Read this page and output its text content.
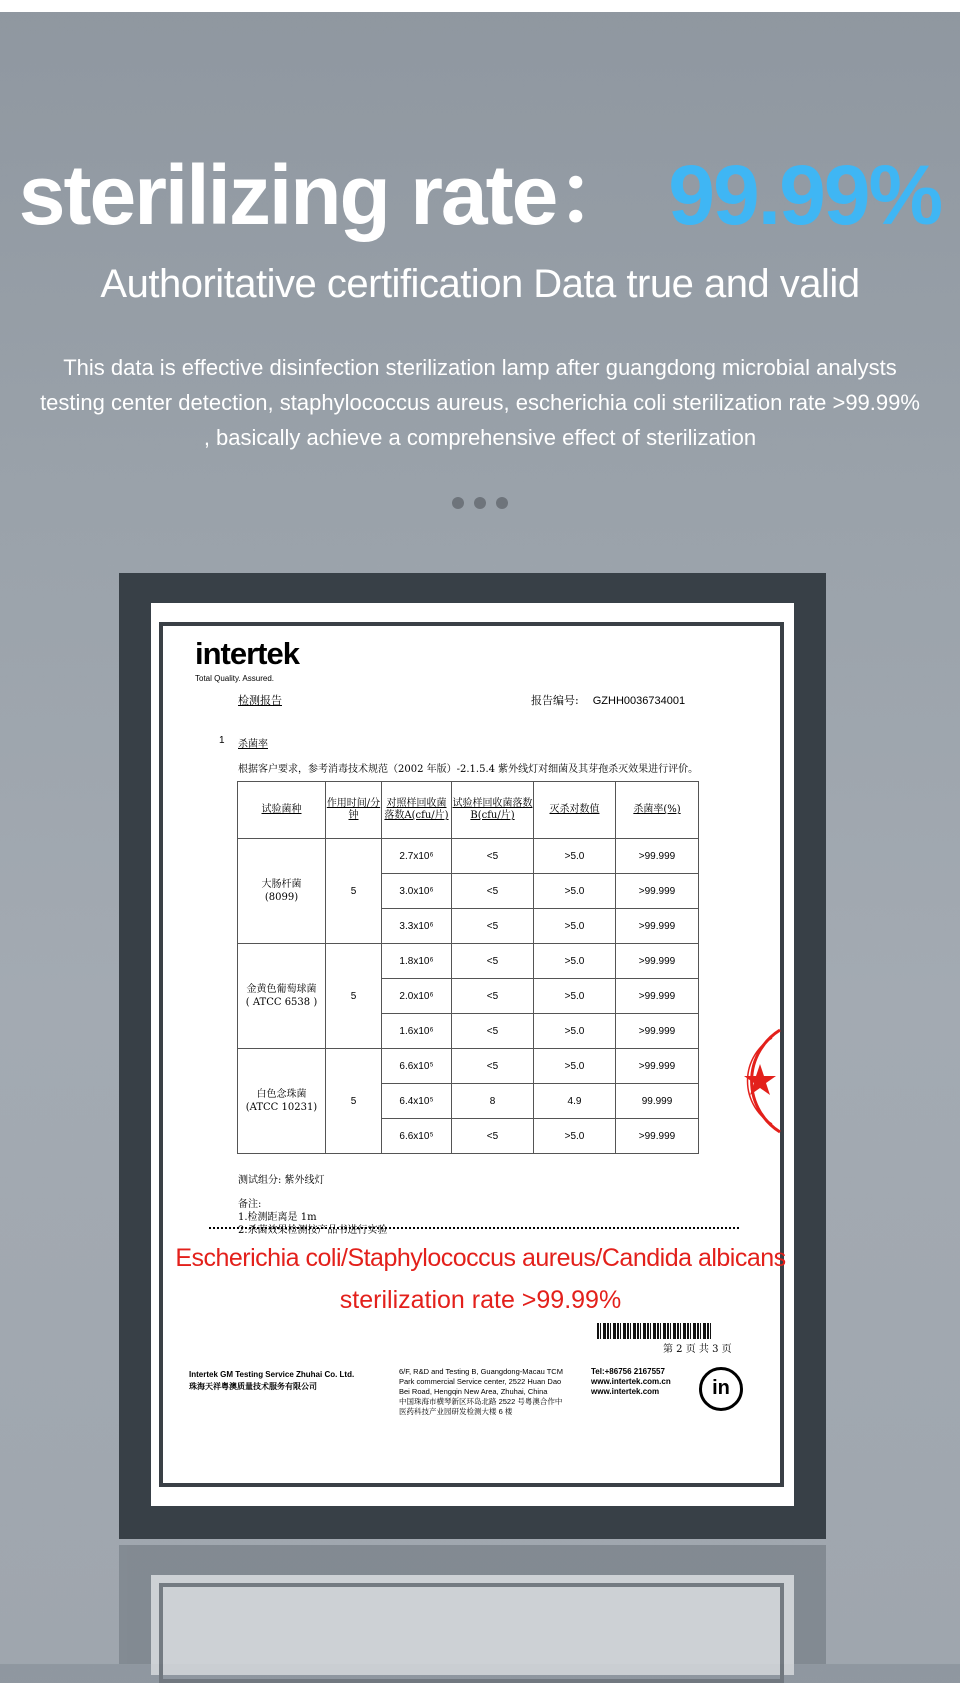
sterilizing rate： 99.99%
Authoritative certification Data true and valid
This data is effective disinfection sterilization lamp after guangdong microbial analysts testing center detection, staphylococcus aureus, escherichia coli sterilization rate >99.99% , basically achieve a comprehensive effect of sterilization
intertek
Total Quality. Assured.
检测报告	报告编号: GZHH0036734001
1 杀菌率
根据客户要求，参考消毒技术规范（2002 年版）-2.1.5.4 紫外线灯对细菌及其芽孢杀灭效果进行评价。
试验菌种	作用时间/分钟	对照样回收菌落数A(cfu/片)	试验样回收菌落数B(cfu/片)	灭杀对数值	杀菌率(%)
大肠杆菌
(8099)	5	2.7x10⁶	<5	>5.0	>99.999
		3.0x10⁶	<5	>5.0	>99.999
		3.3x10⁶	<5	>5.0	>99.999
金黄色葡萄球菌
( ATCC 6538 )	5	1.8x10⁶	<5	>5.0	>99.999
		2.0x10⁶	<5	>5.0	>99.999
		1.6x10⁶	<5	>5.0	>99.999
白色念珠菌
(ATCC 10231)	5	6.6x10⁵	<5	>5.0	>99.999
		6.4x10⁵	8	4.9	99.999
		6.6x10⁵	<5	>5.0	>99.999
测试组分: 紫外线灯
备注:
1.检测距离是 1m
2.杀菌效果检测按产品书进行实验
Escherichia coli/Staphylococcus aureus/Candida albicans
sterilization rate >99.99%
第 2 页 共 3 页
Intertek GM Testing Service Zhuhai Co. Ltd.
珠海天祥粤澳质量技术服务有限公司
6/F, R&D and Testing B, Guangdong-Macau TCM
Park commercial Service center, 2522 Huan Dao
Bei Road, Hengqin New Area, Zhuhai, China
中国珠海市横琴新区环岛北路 2522 号粤澳合作中
医药科技产业园研发检测大楼 6 楼
Tel:+86756 2167557
www.intertek.com.cn
www.intertek.com	in
